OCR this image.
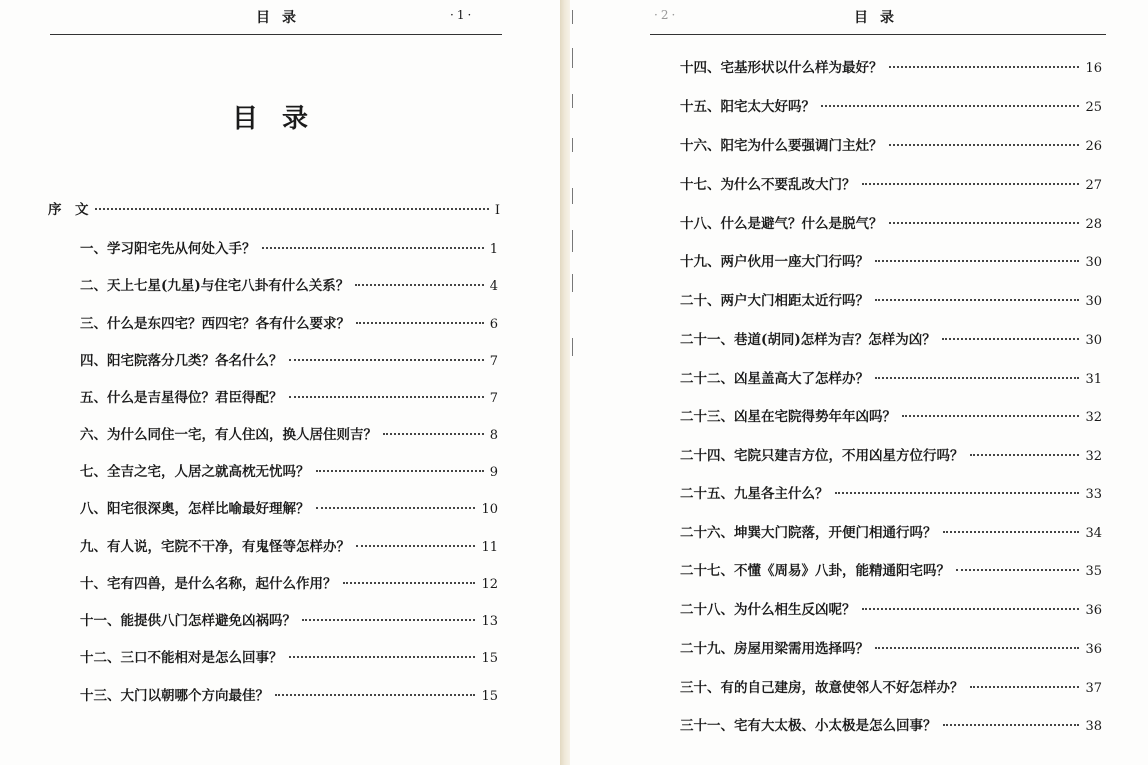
目录	·1·
目录
序　文	I
一、学习阳宅先从何处入手？	1
二、天上七星(九星)与住宅八卦有什么关系？	4
三、什么是东四宅？西四宅？各有什么要求？	6
四、阳宅院落分几类？各名什么？	7
五、什么是吉星得位？君臣得配？	7
六、为什么同住一宅，有人住凶，换人居住则吉？	8
七、全吉之宅，人居之就高枕无忧吗？	9
八、阳宅很深奥，怎样比喻最好理解？	10
九、有人说，宅院不干净，有鬼怪等怎样办？	11
十、宅有四兽，是什么名称，起什么作用？	12
十一、能提供八门怎样避免凶祸吗？	13
十二、三口不能相对是怎么回事？	15
十三、大门以朝哪个方向最佳？	15
·2·	目录
十四、宅基形状以什么样为最好？	16
十五、阳宅太大好吗？	25
十六、阳宅为什么要强调门主灶？	26
十七、为什么不要乱改大门？	27
十八、什么是避气？什么是脱气？	28
十九、两户伙用一座大门行吗？	30
二十、两户大门相距太近行吗？	30
二十一、巷道(胡同)怎样为吉？怎样为凶？	30
二十二、凶星盖高大了怎样办？	31
二十三、凶星在宅院得势年年凶吗？	32
二十四、宅院只建吉方位，不用凶星方位行吗？	32
二十五、九星各主什么？	33
二十六、坤巽大门院落，开便门相通行吗？	34
二十七、不懂《周易》八卦，能精通阳宅吗？	35
二十八、为什么相生反凶呢？	36
二十九、房屋用梁需用选择吗？	36
三十、有的自己建房，故意使邻人不好怎样办？	37
三十一、宅有大太极、小太极是怎么回事？	38
